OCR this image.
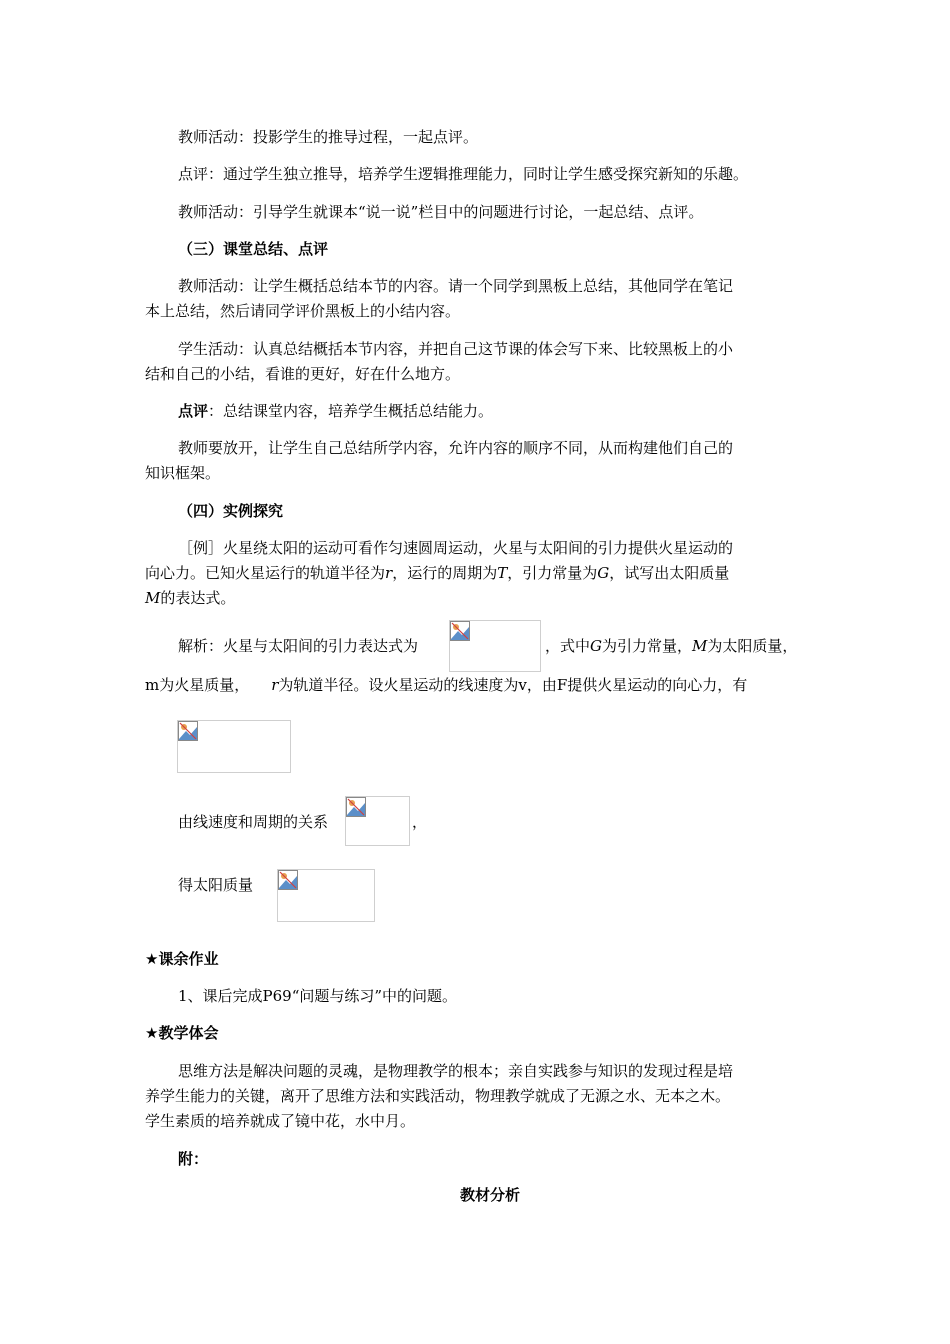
教师活动：投影学生的推导过程，一起点评。
点评：通过学生独立推导，培养学生逻辑推理能力，同时让学生感受探究新知的乐趣。
教师活动：引导学生就课本“说一说”栏目中的问题进行讨论，一起总结、点评。
（三）课堂总结、点评
教师活动：让学生概括总结本节的内容。请一个同学到黑板上总结，其他同学在笔记
本上总结，然后请同学评价黑板上的小结内容。
学生活动：认真总结概括本节内容，并把自己这节课的体会写下来、比较黑板上的小
结和自己的小结，看谁的更好，好在什么地方。
点评：总结课堂内容，培养学生概括总结能力。
教师要放开，让学生自己总结所学内容，允许内容的顺序不同，从而构建他们自己的
知识框架。
（四）实例探究
［例］火星绕太阳的运动可看作匀速圆周运动，火星与太阳间的引力提供火星运动的
向心力。已知火星运行的轨道半径为r，运行的周期为T，引力常量为G，试写出太阳质量
M的表达式。
解析：火星与太阳间的引力表达式为	，式中G为引力常量，M为太阳质量，
m为火星质量， r为轨道半径。设火星运动的线速度为v，由F提供火星运动的向心力，有
由线速度和周期的关系	，
得太阳质量
★课余作业
1、课后完成P69“问题与练习”中的问题。
★教学体会
思维方法是解决问题的灵魂，是物理教学的根本；亲自实践参与知识的发现过程是培
养学生能力的关键，离开了思维方法和实践活动，物理教学就成了无源之水、无本之木。
学生素质的培养就成了镜中花，水中月。
附：
教材分析
